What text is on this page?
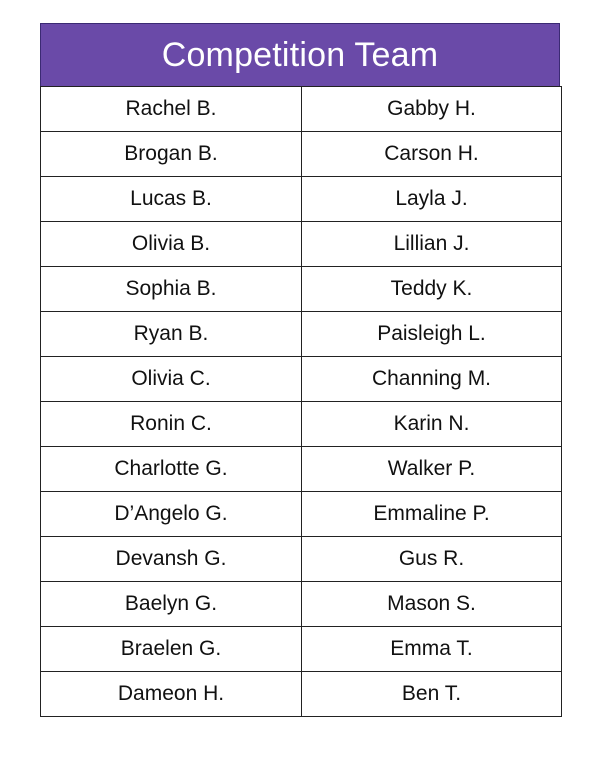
Competition Team
Rachel B.	Gabby H.
Brogan B.	Carson H.
Lucas B.	Layla J.
Olivia B.	Lillian J.
Sophia B.	Teddy K.
Ryan B.	Paisleigh L.
Olivia C.	Channing M.
Ronin C.	Karin N.
Charlotte G.	Walker P.
D’Angelo G.	Emmaline P.
Devansh G.	Gus R.
Baelyn G.	Mason S.
Braelen G.	Emma T.
Dameon H.	Ben T.
